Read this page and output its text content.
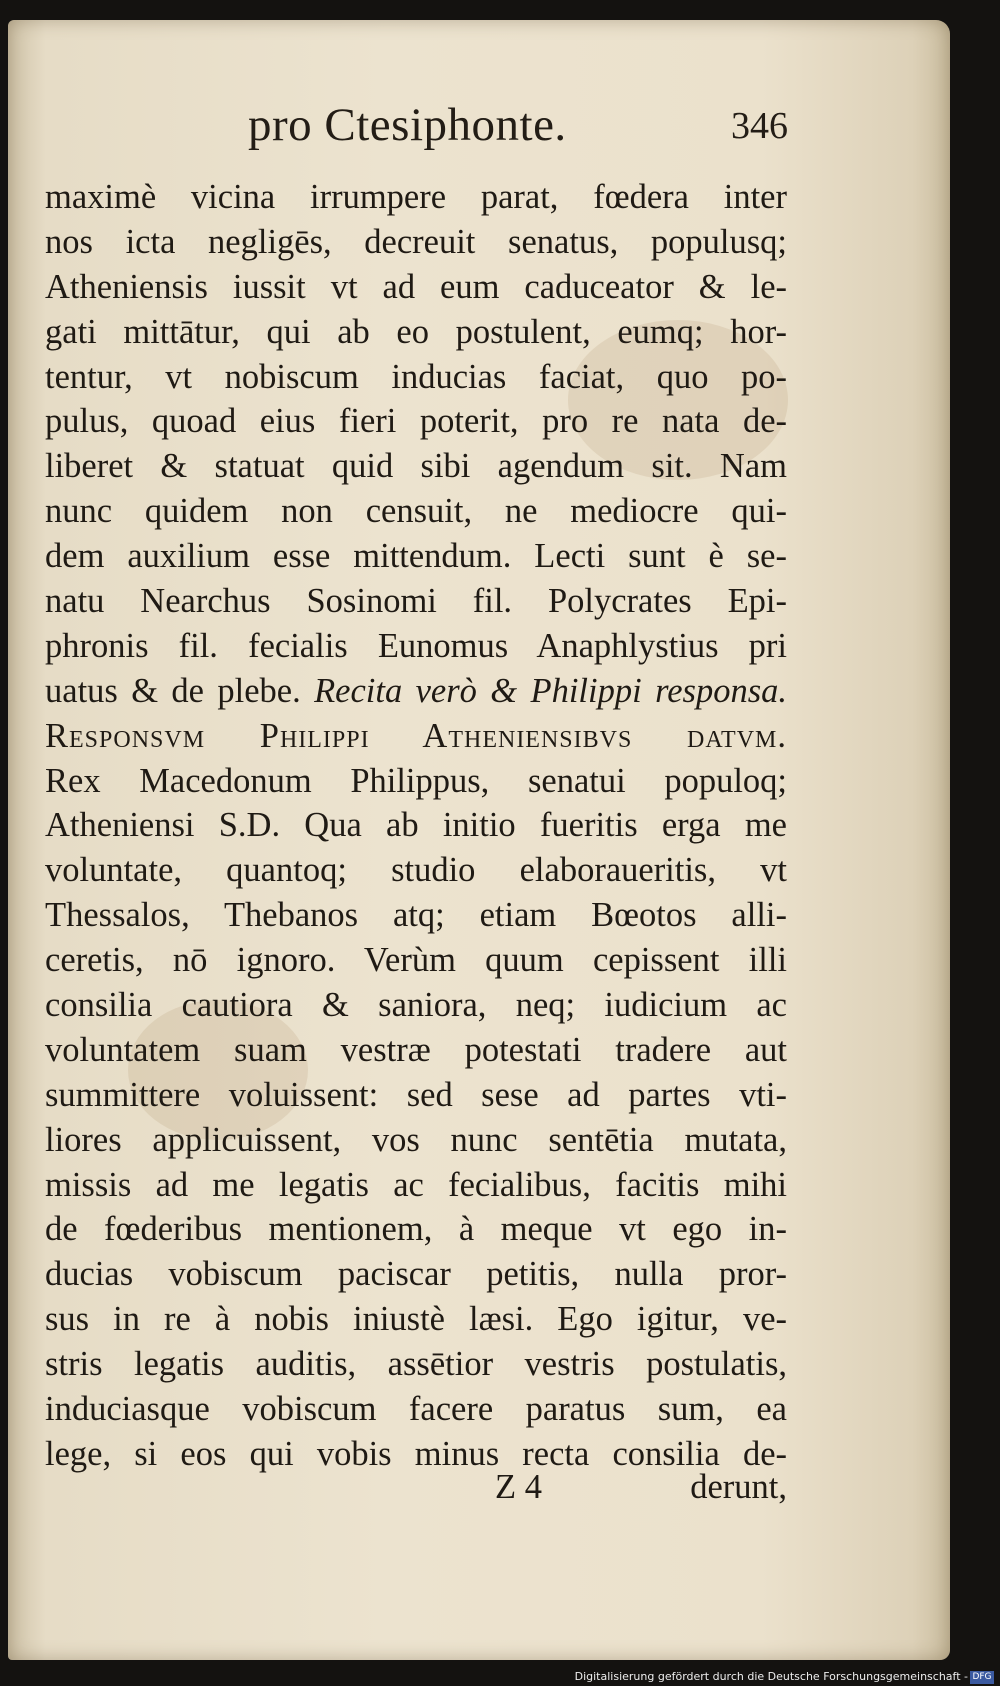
pro Ctesiphonte.	346
maximè vicina irrumpere parat, fœdera inter
nos icta negligēs, decreuit senatus, populusq;
Atheniensis iussit vt ad eum caduceator & le-
gati mittātur, qui ab eo postulent, eumq; hor-
tentur, vt nobiscum inducias faciat, quo po-
pulus, quoad eius fieri poterit, pro re nata de-
liberet & statuat quid sibi agendum sit. Nam
nunc quidem non censuit, ne mediocre qui-
dem auxilium esse mittendum. Lecti sunt è se-
natu Nearchus Sosinomi fil. Polycrates Epi-
phronis fil. fecialis Eunomus Anaphlystius pri
uatus & de plebe. Recita verò & Philippi responsa.
Responsvm Philippi Atheniensibvs datvm.
Rex Macedonum Philippus, senatui populoq;
Atheniensi S.D. Qua ab initio fueritis erga me
voluntate, quantoq; studio elaboraueritis, vt
Thessalos, Thebanos atq; etiam Bœotos alli-
ceretis, nō ignoro. Verùm quum cepissent illi
consilia cautiora & saniora, neq; iudicium ac
voluntatem suam vestræ potestati tradere aut
summittere voluissent: sed sese ad partes vti-
liores applicuissent, vos nunc sentētia mutata,
missis ad me legatis ac fecialibus, facitis mihi
de fœderibus mentionem, à meque vt ego in-
ducias vobiscum paciscar petitis, nulla pror-
sus in re à nobis iniustè læsi. Ego igitur, ve-
stris legatis auditis, assētior vestris postulatis,
induciasque vobiscum facere paratus sum, ea
lege, si eos qui vobis minus recta consilia de-
Z 4	derunt,
Digitalisierung gefördert durch die Deutsche Forschungsgemeinschaft - DFG
